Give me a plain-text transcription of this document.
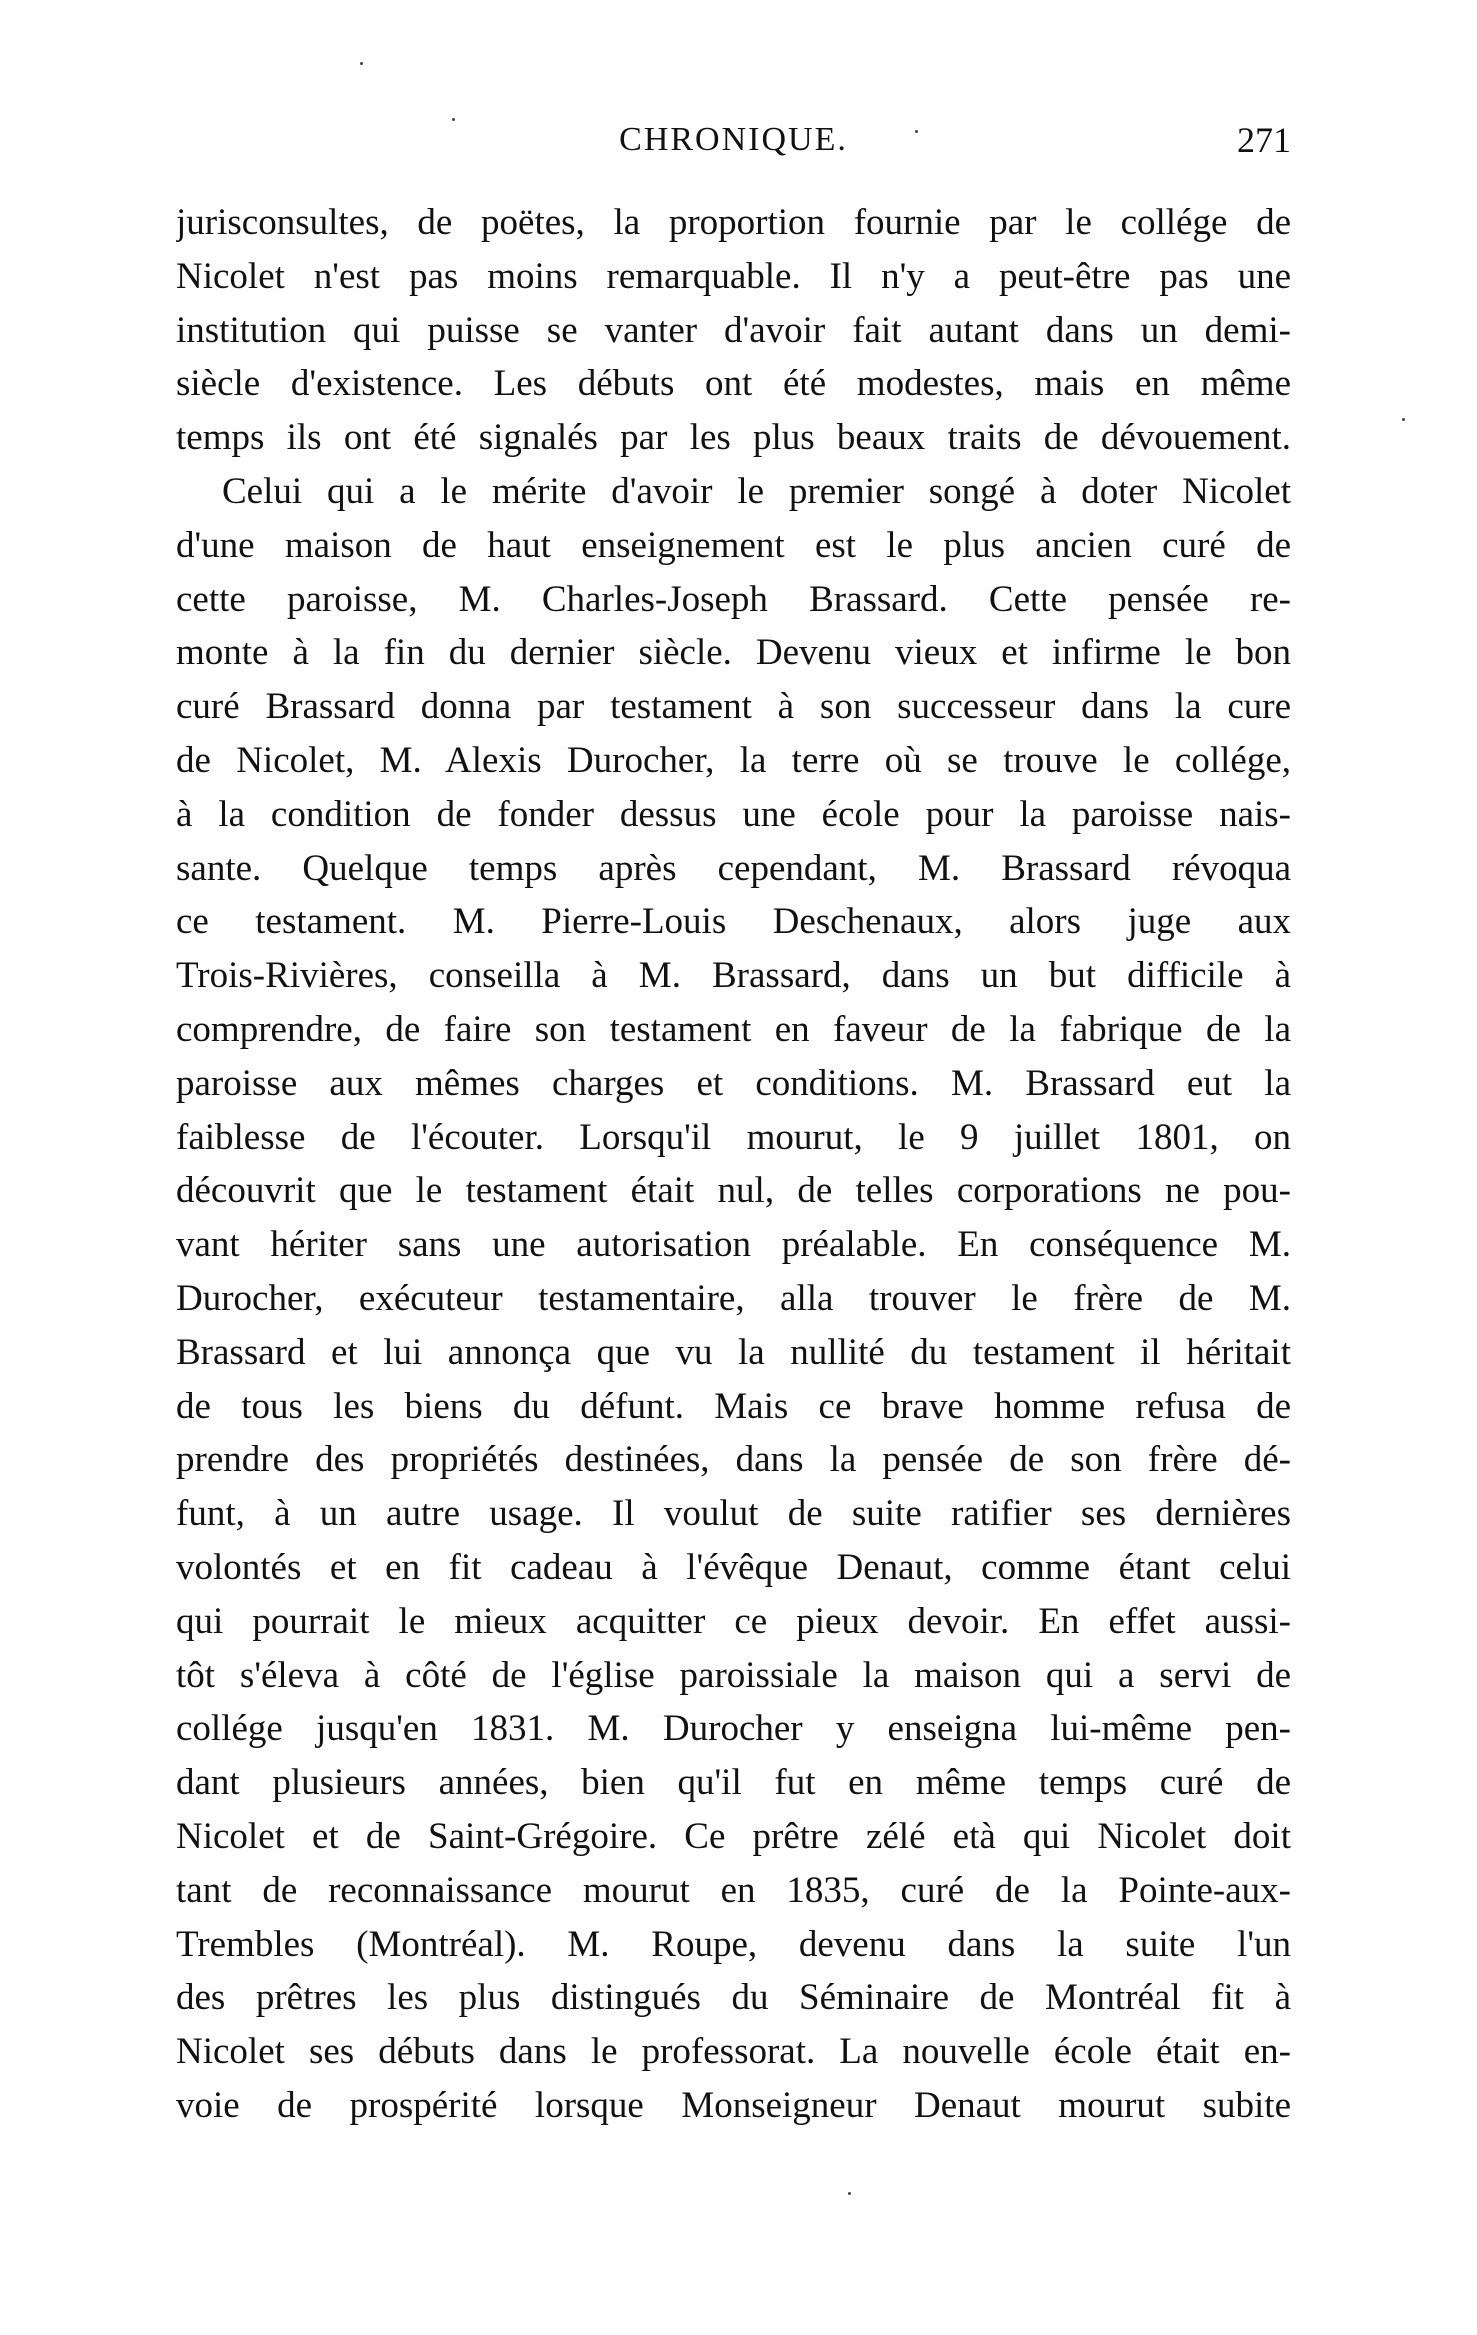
CHRONIQUE.	271
jurisconsultes, de poëtes, la proportion fournie par le collége de
Nicolet n'est pas moins remarquable. Il n'y a peut-être pas une
institution qui puisse se vanter d'avoir fait autant dans un demi-
siècle d'existence. Les débuts ont été modestes, mais en même
temps ils ont été signalés par les plus beaux traits de dévouement.
Celui qui a le mérite d'avoir le premier songé à doter Nicolet
d'une maison de haut enseignement est le plus ancien curé de
cette paroisse, M. Charles-Joseph Brassard. Cette pensée re-
monte à la fin du dernier siècle. Devenu vieux et infirme le bon
curé Brassard donna par testament à son successeur dans la cure
de Nicolet, M. Alexis Durocher, la terre où se trouve le collége,
à la condition de fonder dessus une école pour la paroisse nais-
sante. Quelque temps après cependant, M. Brassard révoqua
ce testament. M. Pierre-Louis Deschenaux, alors juge aux
Trois-Rivières, conseilla à M. Brassard, dans un but difficile à
comprendre, de faire son testament en faveur de la fabrique de la
paroisse aux mêmes charges et conditions. M. Brassard eut la
faiblesse de l'écouter. Lorsqu'il mourut, le 9 juillet 1801, on
découvrit que le testament était nul, de telles corporations ne pou-
vant hériter sans une autorisation préalable. En conséquence M.
Durocher, exécuteur testamentaire, alla trouver le frère de M.
Brassard et lui annonça que vu la nullité du testament il héritait
de tous les biens du défunt. Mais ce brave homme refusa de
prendre des propriétés destinées, dans la pensée de son frère dé-
funt, à un autre usage. Il voulut de suite ratifier ses dernières
volontés et en fit cadeau à l'évêque Denaut, comme étant celui
qui pourrait le mieux acquitter ce pieux devoir. En effet aussi-
tôt s'éleva à côté de l'église paroissiale la maison qui a servi de
collége jusqu'en 1831. M. Durocher y enseigna lui-même pen-
dant plusieurs années, bien qu'il fut en même temps curé de
Nicolet et de Saint-Grégoire. Ce prêtre zélé età qui Nicolet doit
tant de reconnaissance mourut en 1835, curé de la Pointe-aux-
Trembles (Montréal). M. Roupe, devenu dans la suite l'un
des prêtres les plus distingués du Séminaire de Montréal fit à
Nicolet ses débuts dans le professorat. La nouvelle école était en-
voie de prospérité lorsque Monseigneur Denaut mourut subite
